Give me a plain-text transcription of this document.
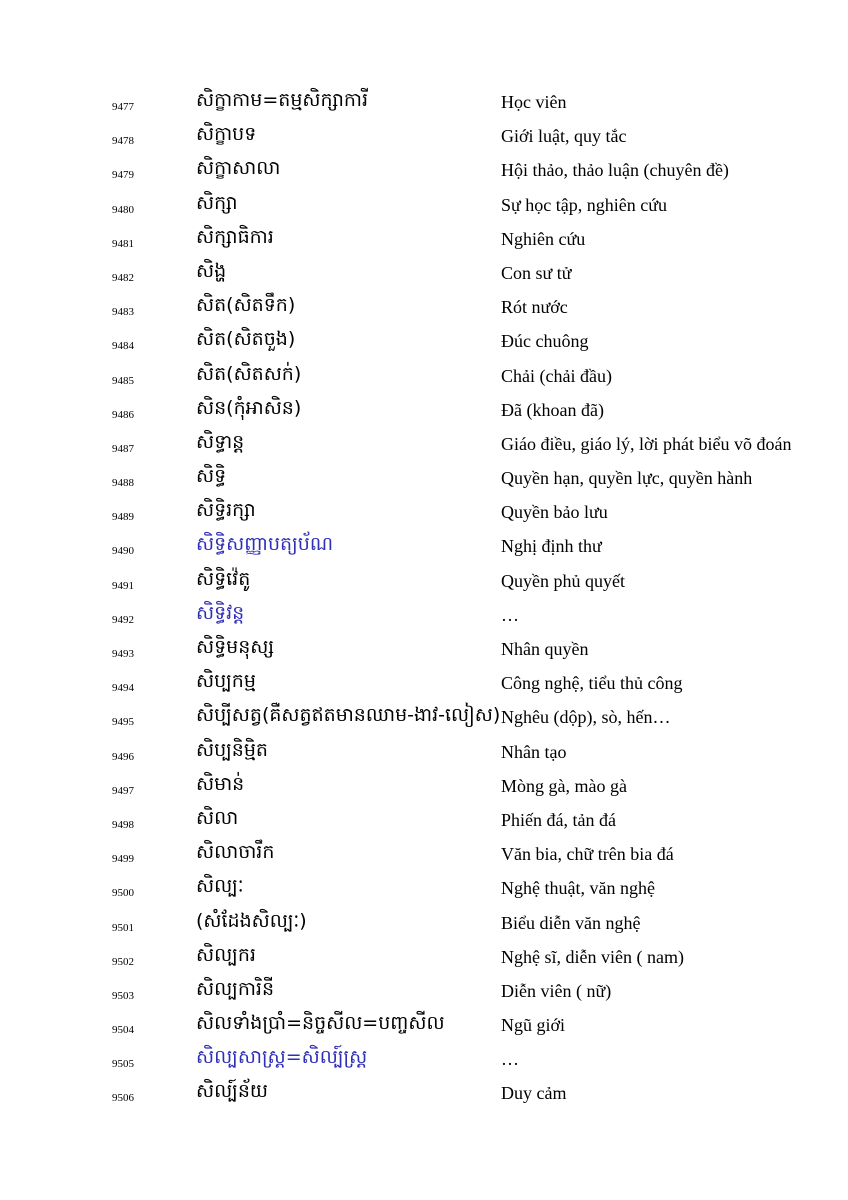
9477	សិក្ខាកាម=តម្មសិក្សាការី	Học viên
9478	សិក្ខាបទ	Giới luật, quy tắc
9479	សិក្ខាសាលា	Hội thảo, thảo luận (chuyên đề)
9480	សិក្សា	Sự học tập, nghiên cứu
9481	សិក្សាធិការ	Nghiên cứu
9482	សិង្ហ	Con sư tử
9483	សិត(សិតទឹក)	Rót nước
9484	សិត(សិតចួង)	Đúc chuông
9485	សិត(សិតសក់)	Chải (chải đầu)
9486	សិន(កុំអាសិន)	Đã (khoan đã)
9487	សិទ្ធាន្ត	Giáo điều, giáo lý, lời phát biểu võ đoán
9488	សិទ្ធិ	Quyền hạn, quyền lực, quyền hành
9489	សិទ្ធិរក្សា	Quyền bảo lưu
9490	សិទ្ធិសញ្ញាបត្យប័ណ	Nghị định thư
9491	សិទ្ធិវ៉េតូ	Quyền phủ quyết
9492	សិទ្ធិវន្ត	…
9493	សិទ្ធិមនុស្ស	Nhân quyền
9494	សិប្បកម្ម	Công nghệ, tiểu thủ công
9495	សិប្បីសត្វ(គឺសត្វឥតមានឈាម-ងាវ-លៀស) Nghêu (dộp), sò, hến…
9496	សិប្បនិម្មិត	Nhân tạo
9497	សិមាន់	Mòng gà, mào gà
9498	សិលា	Phiến đá, tản đá
9499	សិលាចារឹក	Văn bia, chữ trên bia đá
9500	សិល្បៈ	Nghệ thuật, văn nghệ
9501	(សំដែងសិល្បៈ)	Biểu diễn văn nghệ
9502	សិល្បករ	Nghệ sĩ, diễn viên ( nam)
9503	សិល្បការិនី	Diễn viên ( nữ)
9504	សិលទាំងប្រាំ=និច្ចសីល=បញ្ចសីល	Ngũ giới
9505	សិល្បសាស្ត្រ=សិល្ប៍ស្ត្រ	…
9506	សិល្ប៍ន័យ	Duy cảm
